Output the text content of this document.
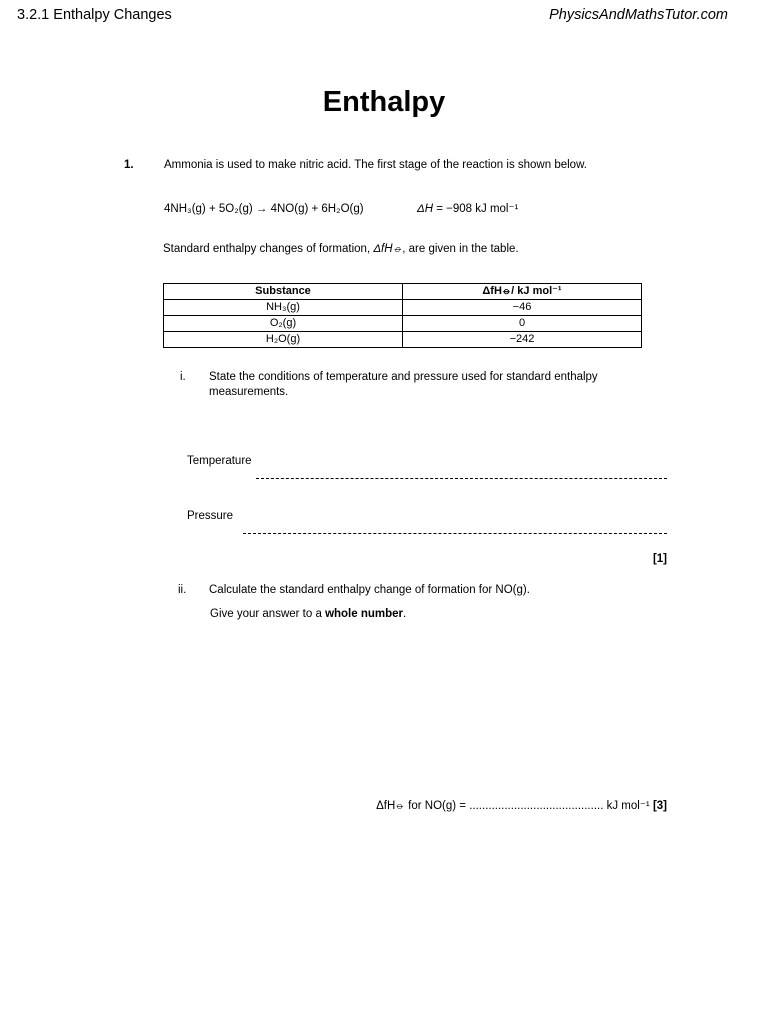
3.2.1 Enthalpy Changes	PhysicsAndMathsTutor.com
Enthalpy
1.	Ammonia is used to make nitric acid. The first stage of the reaction is shown below.
4NH₃(g) + 5O₂(g) → 4NO(g) + 6H₂O(g)	ΔH = −908 kJ mol⁻¹
Standard enthalpy changes of formation, ΔfH⦵, are given in the table.
Substance	ΔfH⦵/ kJ mol⁻¹
NH₃(g)	−46
O₂(g)	0
H₂O(g)	−242
i. State the conditions of temperature and pressure used for standard enthalpy measurements.
Temperature
Pressure
[1]
ii. Calculate the standard enthalpy change of formation for NO(g).
Give your answer to a whole number.
ΔfH⦵ for NO(g) = .......................................... kJ mol⁻¹ [3]
